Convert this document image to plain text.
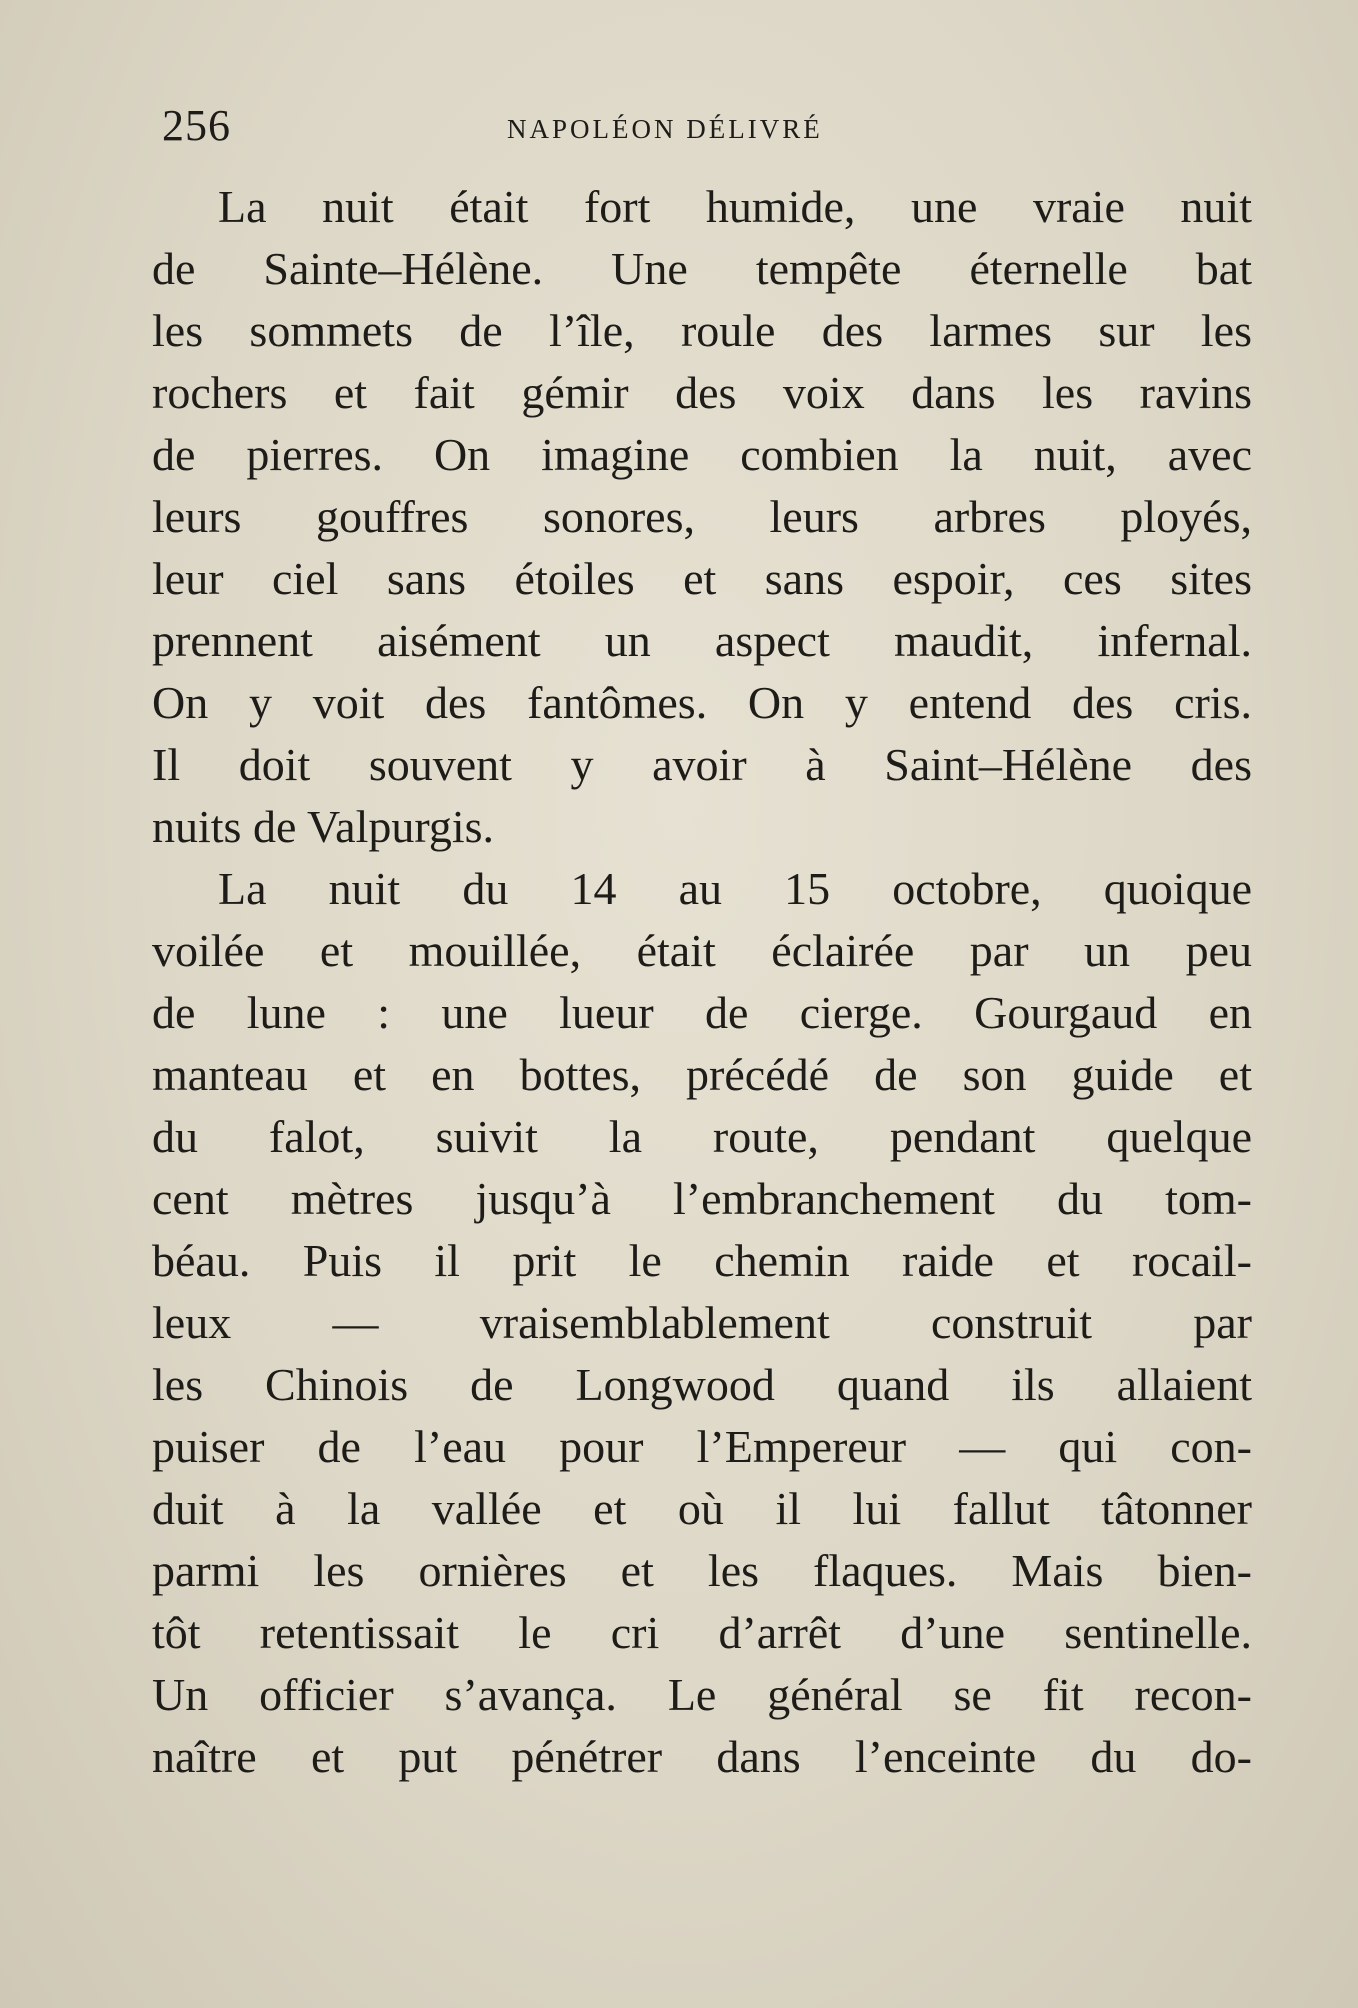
256	NAPOLÉON DÉLIVRÉ
La nuit était fort humide, une vraie nuit
de Sainte–Hélène. Une tempête éternelle bat
les sommets de l’île, roule des larmes sur les
rochers et fait gémir des voix dans les ravins
de pierres. On imagine combien la nuit, avec
leurs gouffres sonores, leurs arbres ployés,
leur ciel sans étoiles et sans espoir, ces sites
prennent aisément un aspect maudit, infernal.
On y voit des fantômes. On y entend des cris.
Il doit souvent y avoir à Saint–Hélène des
nuits de Valpurgis.
La nuit du 14 au 15 octobre, quoique
voilée et mouillée, était éclairée par un peu
de lune : une lueur de cierge. Gourgaud en
manteau et en bottes, précédé de son guide et
du falot, suivit la route, pendant quelque
cent mètres jusqu’à l’embranchement du tom-
béau. Puis il prit le chemin raide et rocail-
leux — vraisemblablement construit par
les Chinois de Longwood quand ils allaient
puiser de l’eau pour l’Empereur — qui con-
duit à la vallée et où il lui fallut tâtonner
parmi les ornières et les flaques. Mais bien-
tôt retentissait le cri d’arrêt d’une sentinelle.
Un officier s’avança. Le général se fit recon-
naître et put pénétrer dans l’enceinte du do-
